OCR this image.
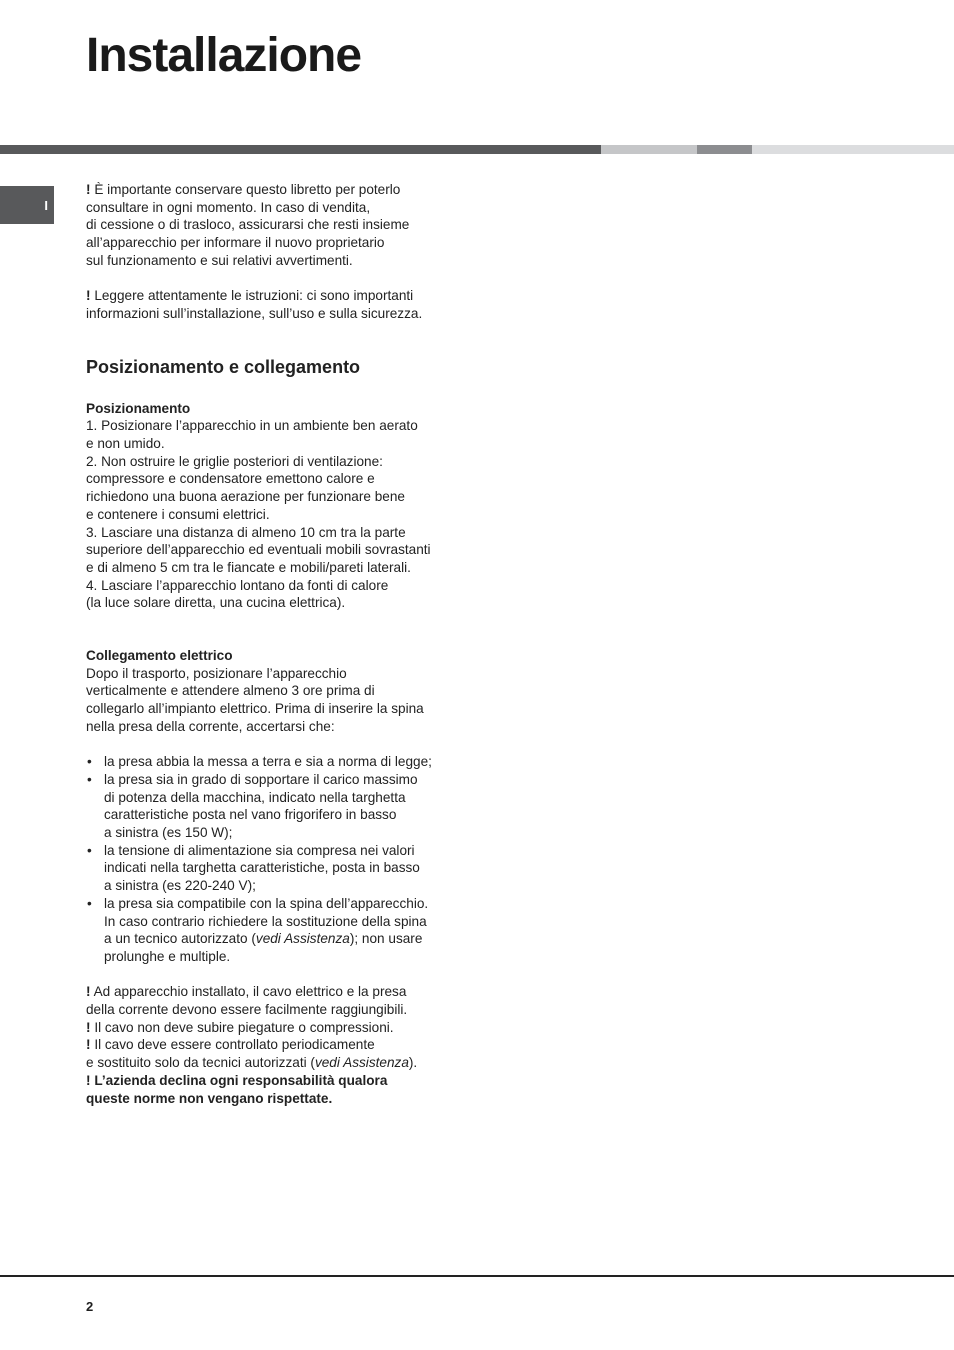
Installazione
I

! È importante conservare questo libretto per poterlo
consultare in ogni momento. In caso di vendita,
di cessione o di trasloco, assicurarsi che resti insieme
all’apparecchio per informare il nuovo proprietario
sul funzionamento e sui relativi avvertimenti.

! Leggere attentamente le istruzioni: ci sono importanti
informazioni sull’installazione, sull’uso e sulla sicurezza.

Posizionamento e collegamento

Posizionamento
1. Posizionare l’apparecchio in un ambiente ben aerato
e non umido.
2. Non ostruire le griglie posteriori di ventilazione:
compressore e condensatore emettono calore e
richiedono una buona aerazione per funzionare bene
e contenere i consumi elettrici.
3. Lasciare una distanza di almeno 10 cm tra la parte
superiore dell’apparecchio ed eventuali mobili sovrastanti
e di almeno 5 cm tra le fiancate e mobili/pareti laterali.
4. Lasciare l’apparecchio lontano da fonti di calore
(la luce solare diretta, una cucina elettrica).

Collegamento elettrico
Dopo il trasporto, posizionare l’apparecchio
verticalmente e attendere almeno 3 ore prima di
collegarlo all’impianto elettrico. Prima di inserire la spina
nella presa della corrente, accertarsi che:

• la presa abbia la messa a terra e sia a norma di legge;
• la presa sia in grado di sopportare il carico massimo
di potenza della macchina, indicato nella targhetta
caratteristiche posta nel vano frigorifero in basso
a sinistra (es 150 W);
• la tensione di alimentazione sia compresa nei valori
indicati nella targhetta caratteristiche, posta in basso
a sinistra (es 220-240 V);
• la presa sia compatibile con la spina dell’apparecchio.
In caso contrario richiedere la sostituzione della spina
a un tecnico autorizzato (vedi Assistenza); non usare
prolunghe e multiple.

! Ad apparecchio installato, il cavo elettrico e la presa
della corrente devono essere facilmente raggiungibili.
! Il cavo non deve subire piegature o compressioni.
! Il cavo deve essere controllato periodicamente
e sostituito solo da tecnici autorizzati (vedi Assistenza).
! L’azienda declina ogni responsabilità qualora
queste norme non vengano rispettate.

2
